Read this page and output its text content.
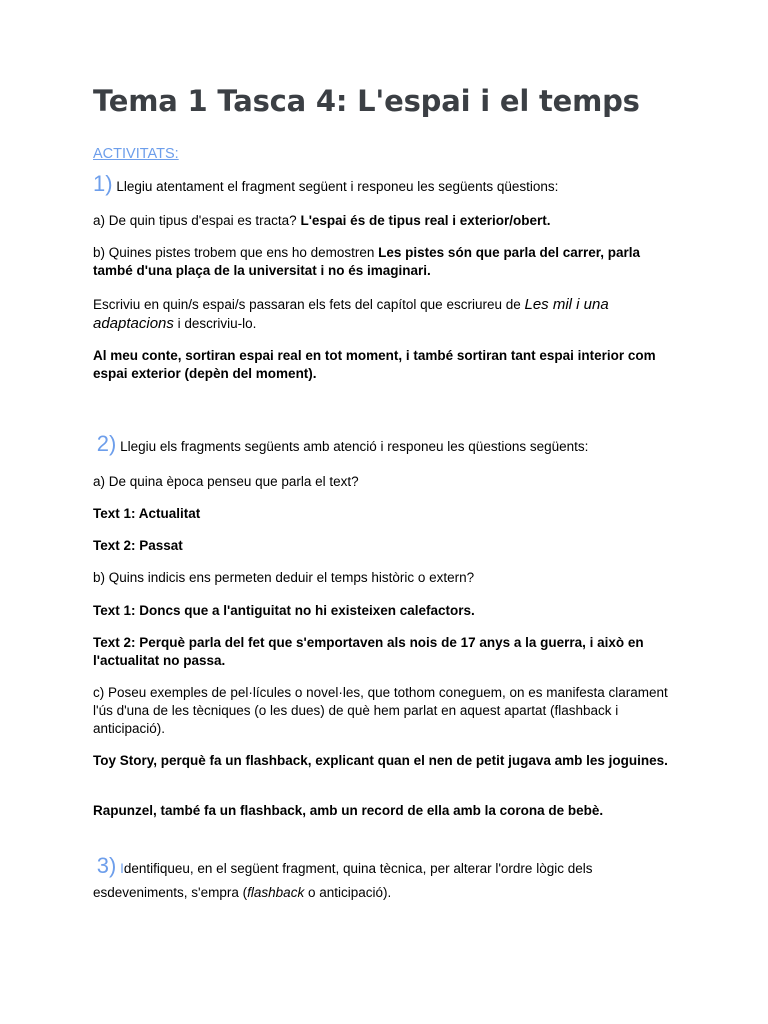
Tema 1 Tasca 4: L'espai i el temps
ACTIVITATS:

1) Llegiu atentament el fragment següent i responeu les següents qüestions:

a) De quin tipus d'espai es tracta? L'espai és de tipus real i exterior/obert.

b) Quines pistes trobem que ens ho demostren Les pistes són que parla del carrer, parla també d'una plaça de la universitat i no és imaginari.

Escriviu en quin/s espai/s passaran els fets del capítol que escriureu de Les mil i una adaptacions i descriviu-lo.

Al meu conte, sortiran espai real en tot moment, i també sortiran tant espai interior com espai exterior (depèn del moment).

2) Llegiu els fragments següents amb atenció i responeu les qüestions següents:

a) De quina època penseu que parla el text?

Text 1: Actualitat

Text 2: Passat

b) Quins indicis ens permeten deduir el temps històric o extern?

Text 1: Doncs que a l'antiguitat no hi existeixen calefactors.

Text 2: Perquè parla del fet que s'emportaven als nois de 17 anys a la guerra, i això en l'actualitat no passa.

c) Poseu exemples de pel·lícules o novel·les, que tothom coneguem, on es manifesta clarament l'ús d'una de les tècniques (o les dues) de què hem parlat en aquest apartat (flashback i anticipació).

Toy Story, perquè fa un flashback, explicant quan el nen de petit jugava amb les joguines.

Rapunzel, també fa un flashback, amb un record de ella amb la corona de bebè.

3) Identifiqueu, en el següent fragment, quina tècnica, per alterar l'ordre lògic dels esdeveniments, s'empra (flashback o anticipació).
